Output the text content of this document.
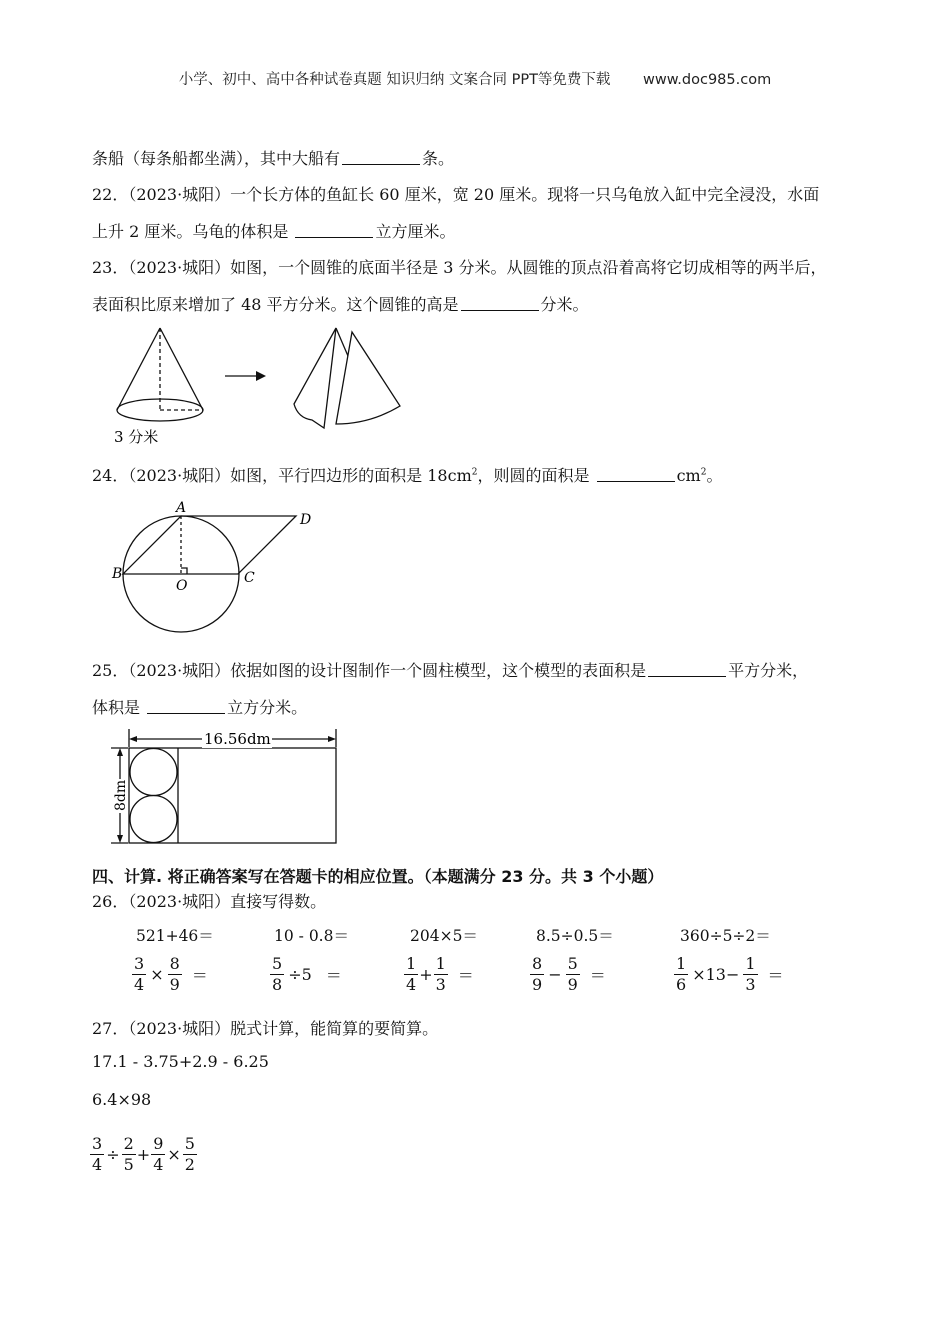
小学、初中、高中各种试卷真题 知识归纳 文案合同 PPT等免费下载 www.doc985.com
条船（每条船都坐满），其中大船有	条。
22．（2023·城阳）一个长方体的鱼缸长 60 厘米，宽 20 厘米。现将一只乌龟放入缸中完全浸没，水面
上升 2 厘米。乌龟的体积是	立方厘米。
23．（2023·城阳）如图，一个圆锥的底面半径是 3 分米。从圆锥的顶点沿着高将它切成相等的两半后，
表面积比原来增加了 48 平方分米。这个圆锥的高是	分米。
3 分米
24．（2023·城阳）如图，平行四边形的面积是 $18cm^2$，则圆的面积是	$cm^2$。
A
B	C
D
O
25．（2023·城阳）依据如图的设计图制作一个圆柱模型，这个模型的表面积是	平方分米，
体积是	立方分米。
16.56dm
8dm
四、计算. 将正确答案写在答题卡的相应位置。（本题满分 23 分。共 3 个小题）
26．（2023·城阳）直接写得数。
521+46＝	10 - 0.8＝	204×5＝	8.5÷0.5＝	360÷5÷2＝
$\frac{3}{4} \times \frac{8}{9}$ ＝	$\frac{5}{8} \div 5$ ＝	$\frac{1}{4} + \frac{1}{3}$ ＝	$\frac{8}{9} - \frac{5}{9}$ ＝	$\frac{1}{6} \times 13- \frac{1}{3}$ ＝
27．（2023·城阳）脱式计算，能简算的要简算。
17.1 - 3.75+2.9 - 6.25
6.4×98
$\frac{3}{4} \div \frac{2}{5} + \frac{9}{4} \times \frac{5}{2}$
